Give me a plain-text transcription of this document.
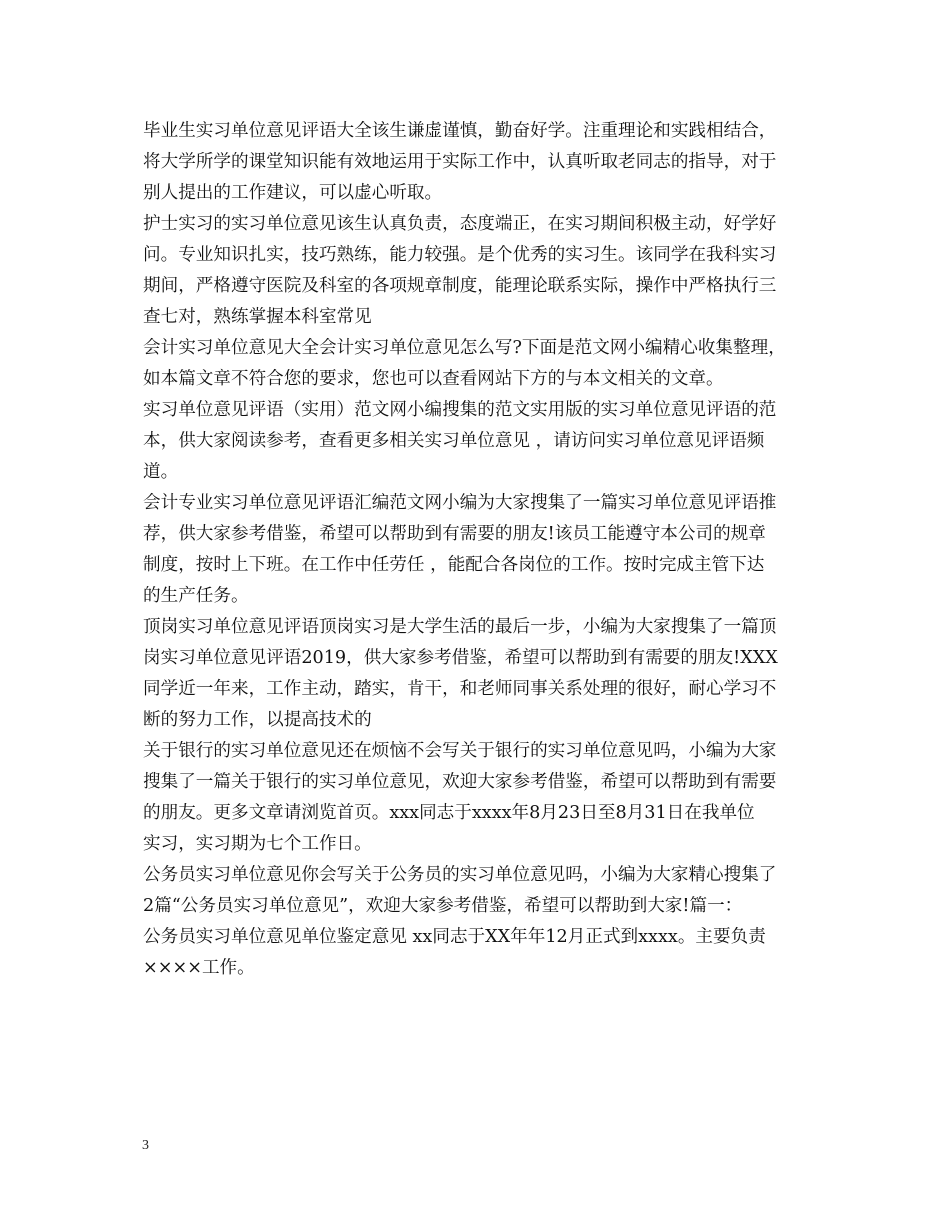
毕业生实习单位意见评语大全该生谦虚谨慎，勤奋好学。注重理论和实践相结合，
将大学所学的课堂知识能有效地运用于实际工作中，认真听取老同志的指导，对于
别人提出的工作建议，可以虚心听取。
护士实习的实习单位意见该生认真负责，态度端正，在实习期间积极主动，好学好
问。专业知识扎实，技巧熟练，能力较强。是个优秀的实习生。该同学在我科实习
期间，严格遵守医院及科室的各项规章制度，能理论联系实际，操作中严格执行三
查七对，熟练掌握本科室常见
会计实习单位意见大全会计实习单位意见怎么写?下面是范文网小编精心收集整理，
如本篇文章不符合您的要求，您也可以查看网站下方的与本文相关的文章。
实习单位意见评语（实用）范文网小编搜集的范文实用版的实习单位意见评语的范
本，供大家阅读参考，查看更多相关实习单位意见 ，请访问实习单位意见评语频
道。
会计专业实习单位意见评语汇编范文网小编为大家搜集了一篇实习单位意见评语推
荐，供大家参考借鉴，希望可以帮助到有需要的朋友!该员工能遵守本公司的规章
制度，按时上下班。在工作中任劳任 ，能配合各岗位的工作。按时完成主管下达
的生产任务。
顶岗实习单位意见评语顶岗实习是大学生活的最后一步，小编为大家搜集了一篇顶
岗实习单位意见评语2019，供大家参考借鉴，希望可以帮助到有需要的朋友!XXX
同学近一年来，工作主动，踏实，肯干，和老师同事关系处理的很好，耐心学习不
断的努力工作，以提高技术的
关于银行的实习单位意见还在烦恼不会写关于银行的实习单位意见吗，小编为大家
搜集了一篇关于银行的实习单位意见，欢迎大家参考借鉴，希望可以帮助到有需要
的朋友。更多文章请浏览首页。xxx同志于xxxx年8月23日至8月31日在我单位
实习，实习期为七个工作日。
公务员实习单位意见你会写关于公务员的实习单位意见吗，小编为大家精心搜集了
2篇“公务员实习单位意见”，欢迎大家参考借鉴，希望可以帮助到大家!篇一：
公务员实习单位意见单位鉴定意见 xx同志于XX年年12月正式到xxxx。主要负责
××××工作。
3
